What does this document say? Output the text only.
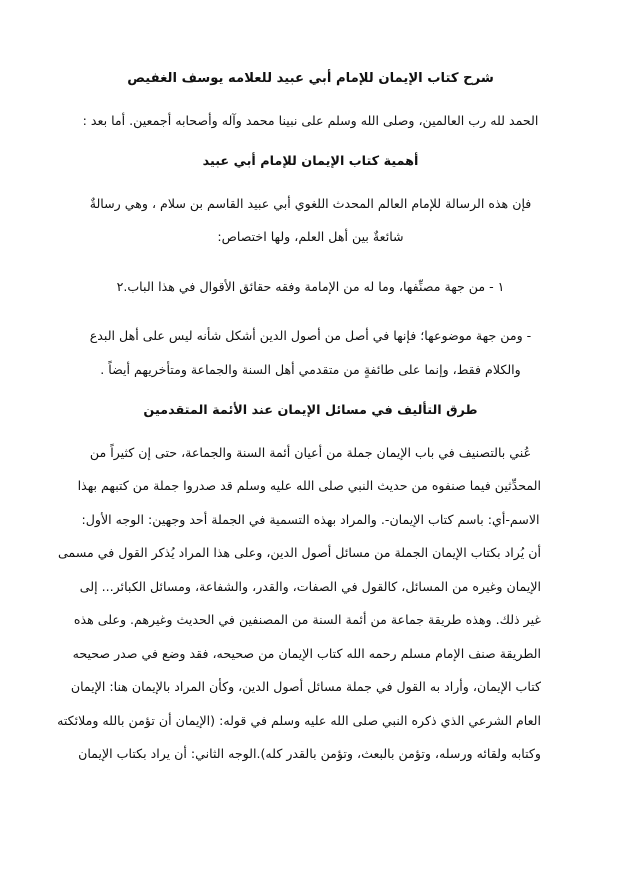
شرح كتاب الإيمان للإمام أبي عبيد للعلامه يوسف الغفيص
الحمد لله رب العالمين، وصلى الله وسلم على نبينا محمد وآله وأصحابه أجمعين. أما بعد :
أهمية كتاب الإيمان للإمام أبي عبيد
فإن هذه الرسالة للإمام العالم المحدث اللغوي أبي عبيد القاسم بن سلام ، وهي رسالةٌ
شائعةٌ بين أهل العلم، ولها اختصاص:
١ - من جهة مصنِّفها، وما له من الإمامة وفقه حقائق الأقوال في هذا الباب.٢
- ومن جهة موضوعها؛ فإنها في أصل من أصول الدين أشكل شأنه ليس على أهل البدع
والكلام فقط، وإنما على طائفةٍ من متقدمي أهل السنة والجماعة ومتأخريهم أيضاً .
طرق التأليف في مسائل الإيمان عند الأئمة المتقدمين
عُني بالتصنيف في باب الإيمان جملة من أعيان أئمة السنة والجماعة، حتى إن كثيراً من
المحدِّثين فيما صنفوه من حديث النبي صلى الله عليه وسلم قد صدروا جملة من كتبهم بهذا
الاسم-أي: باسم كتاب الإيمان-. والمراد بهذه التسمية في الجملة أحد وجهين: الوجه الأول:
أن يُراد بكتاب الإيمان الجملة من مسائل أصول الدين، وعلى هذا المراد يُذكر القول في مسمى
الإيمان وغيره من المسائل، كالقول في الصفات، والقدر، والشفاعة، ومسائل الكبائر... إلى
غير ذلك. وهذه طريقة جماعة من أئمة السنة من المصنفين في الحديث وغيرهم. وعلى هذه
الطريقة صنف الإمام مسلم رحمه الله كتاب الإيمان من صحيحه، فقد وضع في صدر صحيحه
كتاب الإيمان، وأراد به القول في جملة مسائل أصول الدين، وكأن المراد بالإيمان هنا: الإيمان
العام الشرعي الذي ذكره النبي صلى الله عليه وسلم في قوله: (الإيمان أن تؤمن بالله وملائكته
وكتابه ولقائه ورسله، وتؤمن بالبعث، وتؤمن بالقدر كله).الوجه الثاني: أن يراد بكتاب الإيمان
